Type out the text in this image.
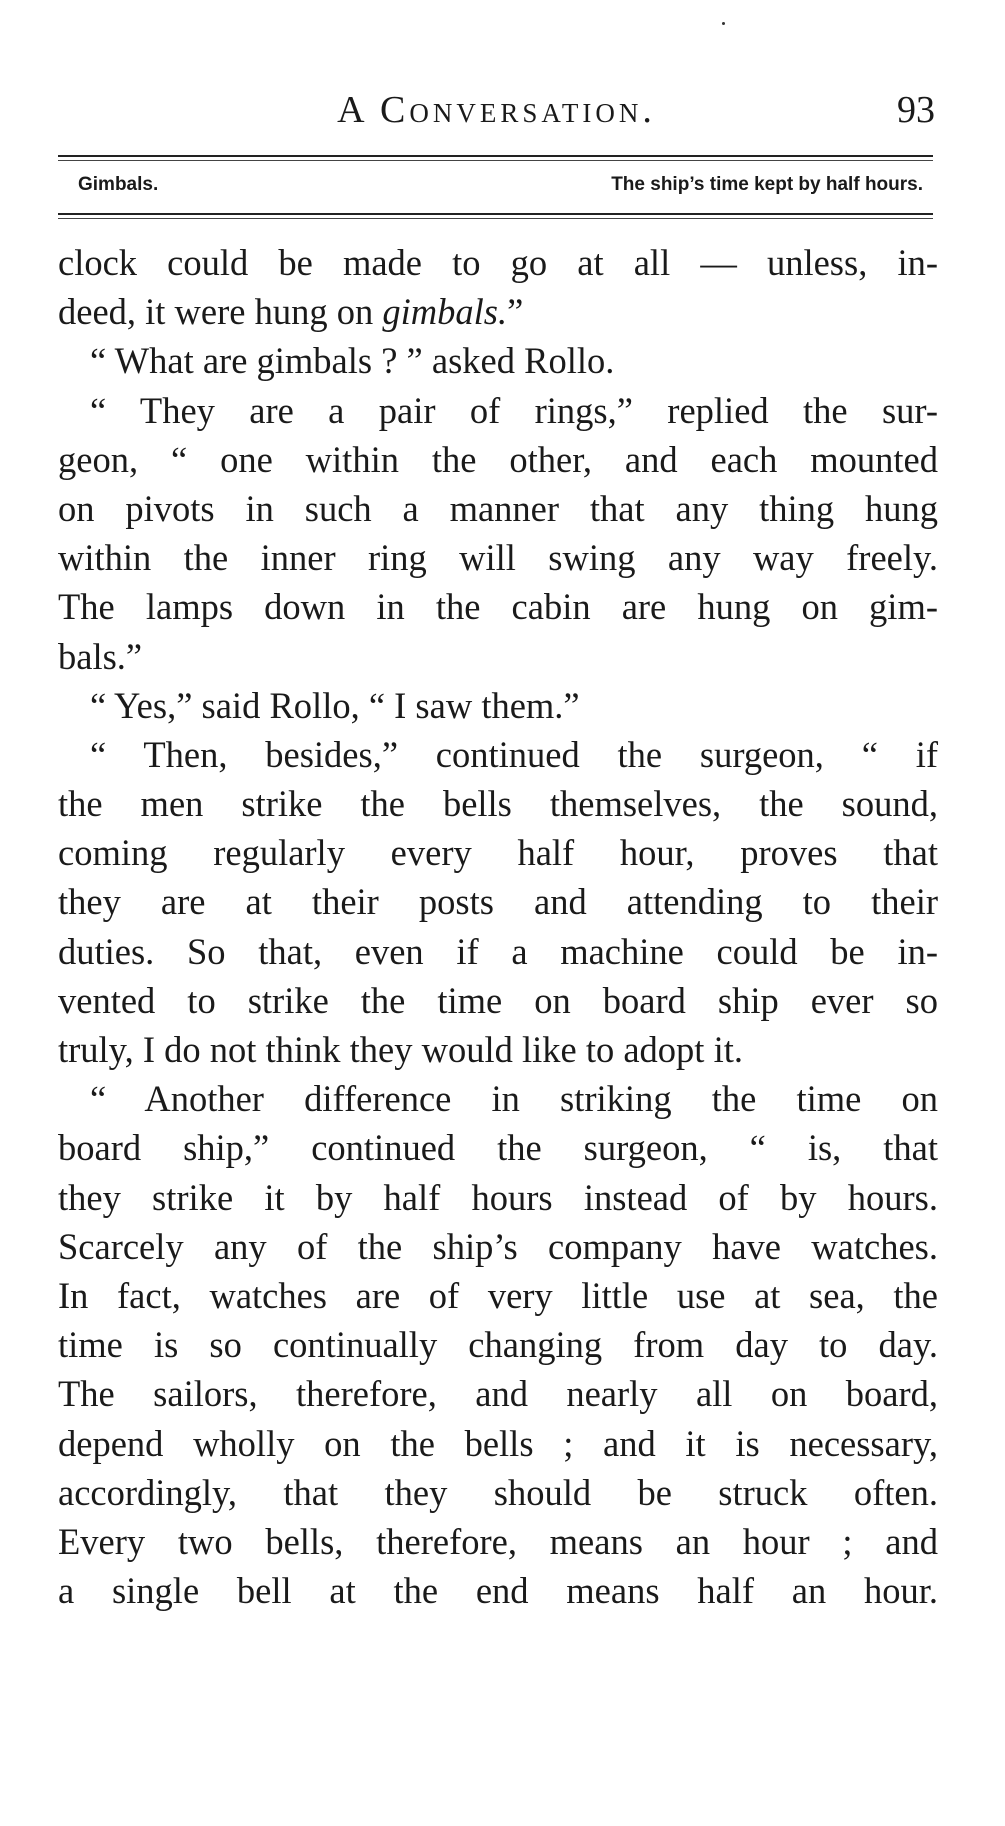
A Conversation.	93
Gimbals.	The ship’s time kept by half hours.
clock could be made to go at all — unless, in-
deed, it were hung on gimbals.”
“ What are gimbals ? ” asked Rollo.
“ They are a pair of rings,” replied the sur-
geon, “ one within the other, and each mounted
on pivots in such a manner that any thing hung
within the inner ring will swing any way freely.
The lamps down in the cabin are hung on gim-
bals.”
“ Yes,” said Rollo, “ I saw them.”
“ Then, besides,” continued the surgeon, “ if
the men strike the bells themselves, the sound,
coming regularly every half hour, proves that
they are at their posts and attending to their
duties. So that, even if a machine could be in-
vented to strike the time on board ship ever so
truly, I do not think they would like to adopt it.
“ Another difference in striking the time on
board ship,” continued the surgeon, “ is, that
they strike it by half hours instead of by hours.
Scarcely any of the ship’s company have watches.
In fact, watches are of very little use at sea, the
time is so continually changing from day to day.
The sailors, therefore, and nearly all on board,
depend wholly on the bells ; and it is necessary,
accordingly, that they should be struck often.
Every two bells, therefore, means an hour ; and
a single bell at the end means half an hour.
